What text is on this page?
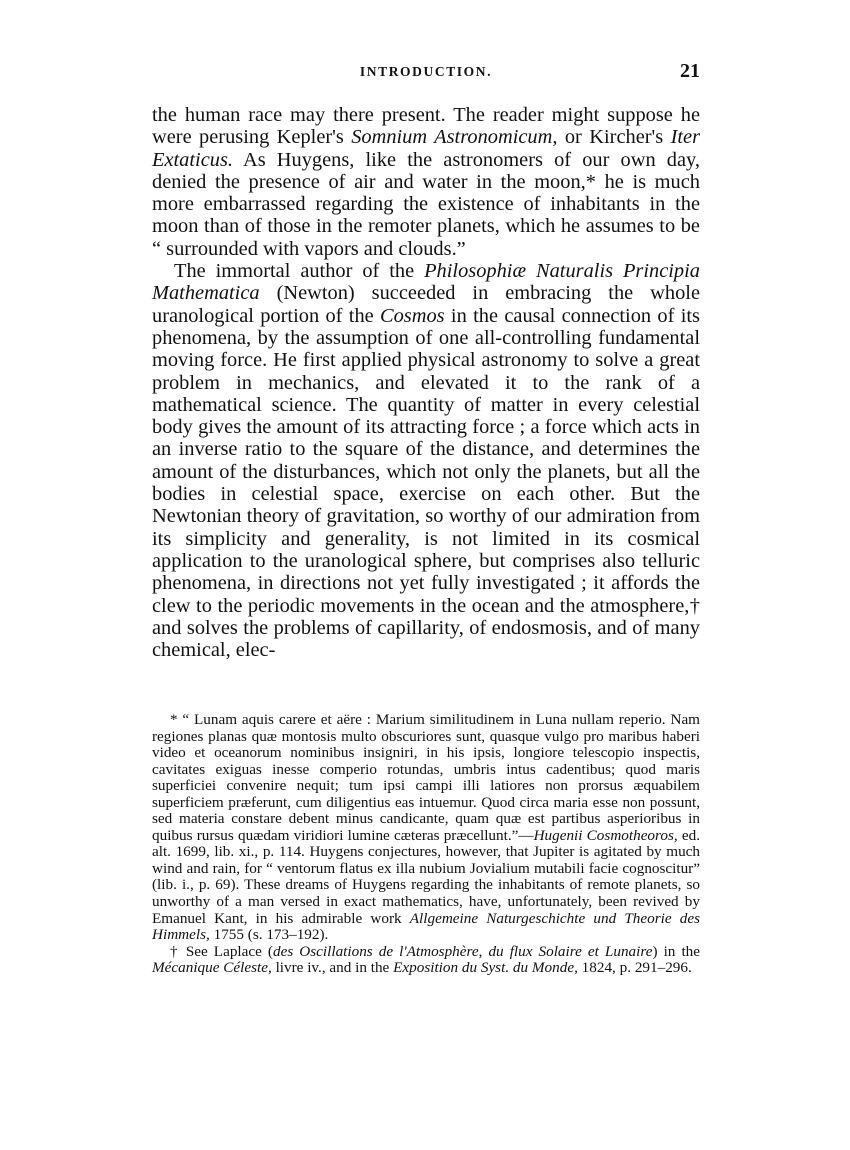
INTRODUCTION.	21

the human race may there present. The reader might suppose he were perusing Kepler's Somnium Astronomicum, or Kircher's Iter Extaticus. As Huygens, like the astronomers of our own day, denied the presence of air and water in the moon,* he is much more embarrassed regarding the existence of inhabitants in the moon than of those in the remoter planets, which he assumes to be “ surrounded with vapors and clouds.”

The immortal author of the Philosophiæ Naturalis Principia Mathematica (Newton) succeeded in embracing the whole uranological portion of the Cosmos in the causal connection of its phenomena, by the assumption of one all-controlling fundamental moving force. He first applied physical astronomy to solve a great problem in mechanics, and elevated it to the rank of a mathematical science. The quantity of matter in every celestial body gives the amount of its attracting force ; a force which acts in an inverse ratio to the square of the distance, and determines the amount of the disturbances, which not only the planets, but all the bodies in celestial space, exercise on each other. But the Newtonian theory of gravitation, so worthy of our admiration from its simplicity and generality, is not limited in its cosmical application to the uranological sphere, but comprises also telluric phenomena, in directions not yet fully investigated ; it affords the clew to the periodic movements in the ocean and the atmosphere,† and solves the problems of capillarity, of endosmosis, and of many chemical, elec-

* “ Lunam aquis carere et aëre : Marium similitudinem in Luna nullam reperio. Nam regiones planas quæ montosis multo obscuriores sunt, quasque vulgo pro maribus haberi video et oceanorum nominibus insigniri, in his ipsis, longiore telescopio inspectis, cavitates exiguas inesse comperio rotundas, umbris intus cadentibus; quod maris superficiei convenire nequit; tum ipsi campi illi latiores non prorsus æquabilem superficiem præferunt, cum diligentius eas intuemur. Quod circa maria esse non possunt, sed materia constare debent minus candicante, quam quæ est partibus asperioribus in quibus rursus quædam viridiori lumine cæteras præcellunt.”—Hugenii Cosmotheoros, ed. alt. 1699, lib. xi., p. 114. Huygens conjectures, however, that Jupiter is agitated by much wind and rain, for “ ventorum flatus ex illa nubium Jovialium mutabili facie cognoscitur” (lib. i., p. 69). These dreams of Huygens regarding the inhabitants of remote planets, so unworthy of a man versed in exact mathematics, have, unfortunately, been revived by Emanuel Kant, in his admirable work Allgemeine Naturgeschichte und Theorie des Himmels, 1755 (s. 173–192).

† See Laplace (des Oscillations de l'Atmosphère, du flux Solaire et Lunaire) in the Mécanique Céleste, livre iv., and in the Exposition du Syst. du Monde, 1824, p. 291–296.
